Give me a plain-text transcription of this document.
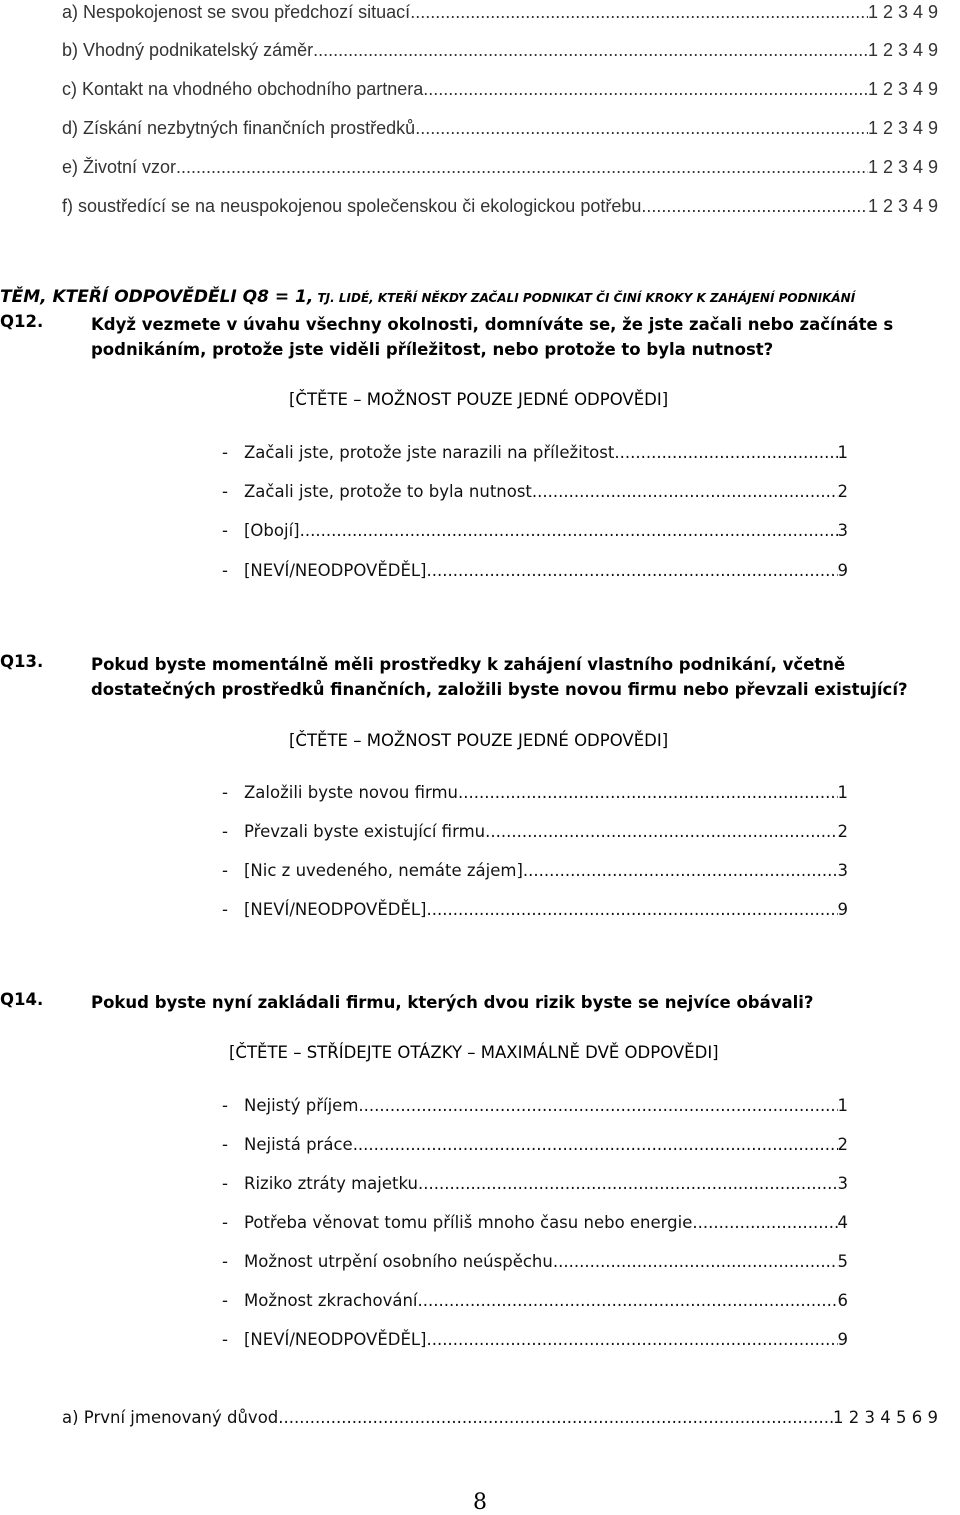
a) Nespokojenost se svou předchozí situací .....	1 2 3 4 9
b) Vhodný podnikatelský záměr .....	1 2 3 4 9
c) Kontakt na vhodného obchodního partnera .....	1 2 3 4 9
d) Získání nezbytných finančních prostředků .....	1 2 3 4 9
e) Životní vzor .....	1 2 3 4 9
f) soustředící se na neuspokojenou společenskou či ekologickou potřebu .....	1 2 3 4 9
TĚM, KTEŘÍ ODPOVĚDĚLI Q8 = 1, TJ. LIDÉ, KTEŘÍ NĚKDY ZAČALI PODNIKAT ČI ČINÍ KROKY K ZAHÁJENÍ PODNIKÁNÍ
Q12.	Když vezmete v úvahu všechny okolnosti, domníváte se, že jste začali nebo začínáte s podnikáním, protože jste viděli příležitost, nebo protože to byla nutnost?
[ČTĚTE – MOŽNOST POUZE JEDNÉ ODPOVĚDI]
- Začali jste, protože jste narazili na příležitost .....	1
- Začali jste, protože to byla nutnost .....	2
- [Obojí] .....	3
- [NEVÍ/NEODPOVĚDĚL] .....	9
Q13.	Pokud byste momentálně měli prostředky k zahájení vlastního podnikání, včetně dostatečných prostředků finančních, založili byste novou firmu nebo převzali existující?
[ČTĚTE – MOŽNOST POUZE JEDNÉ ODPOVĚDI]
- Založili byste novou firmu .....	1
- Převzali byste existující firmu .....	2
- [Nic z uvedeného, nemáte zájem] .....	3
- [NEVÍ/NEODPOVĚDĚL] .....	9
Q14.	Pokud byste nyní zakládali firmu, kterých dvou rizik byste se nejvíce obávali?
[ČTĚTE – STŘÍDEJTE OTÁZKY – MAXIMÁLNĚ DVĚ ODPOVĚDI]
- Nejistý příjem .....	1
- Nejistá práce .....	2
- Riziko ztráty majetku .....	3
- Potřeba věnovat tomu příliš mnoho času nebo energie .....	4
- Možnost utrpění osobního neúspěchu .....	5
- Možnost zkrachování .....	6
- [NEVÍ/NEODPOVĚDĚL] .....	9
a) První jmenovaný důvod .....	1 2 3 4 5 6 9
8
